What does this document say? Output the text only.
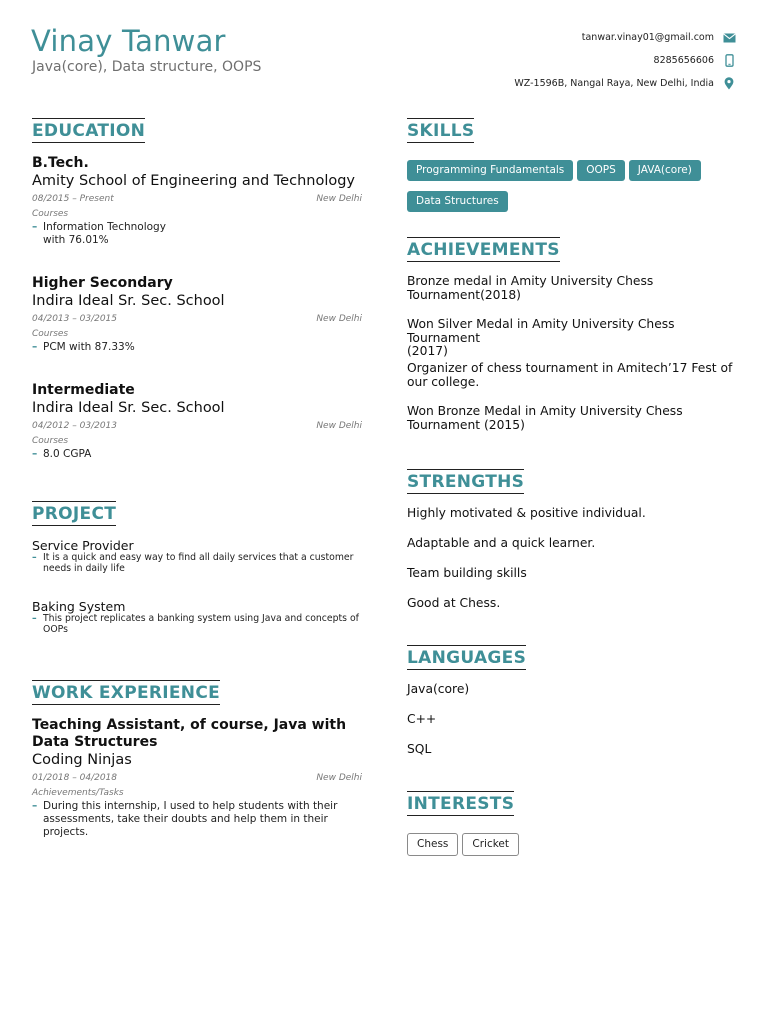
Vinay Tanwar
Java(core), Data structure, OOPS
tanwar.vinay01@gmail.com
8285656606
WZ-1596B, Nangal Raya, New Delhi, India
EDUCATION
B.Tech.
Amity School of Engineering and Technology
08/2015 – Present	New Delhi
Courses
– Information Technology
with 76.01%
Higher Secondary
Indira Ideal Sr. Sec. School
04/2013 – 03/2015	New Delhi
Courses
– PCM with 87.33%
Intermediate
Indira Ideal Sr. Sec. School
04/2012 – 03/2013	New Delhi
Courses
– 8.0 CGPA
PROJECT
Service Provider
– It is a quick and easy way to find all daily services that a customer
needs in daily life
Baking System
– This project replicates a banking system using Java and concepts of
OOPs
WORK EXPERIENCE
Teaching Assistant, of course, Java with
Data Structures
Coding Ninjas
01/2018 – 04/2018	New Delhi
Achievements/Tasks
– During this internship, I used to help students with their
assessments, take their doubts and help them in their
projects.
SKILLS
Programming Fundamentals OOPS JAVA(core)
Data Structures
ACHIEVEMENTS
Bronze medal in Amity University Chess
Tournament(2018)
Won Silver Medal in Amity University Chess Tournament
(2017)
Organizer of chess tournament in Amitech’17 Fest of
our college.
Won Bronze Medal in Amity University Chess
Tournament (2015)
STRENGTHS
Highly motivated & positive individual.
Adaptable and a quick learner.
Team building skills
Good at Chess.
LANGUAGES
Java(core)
C++
SQL
INTERESTS
Chess Cricket
